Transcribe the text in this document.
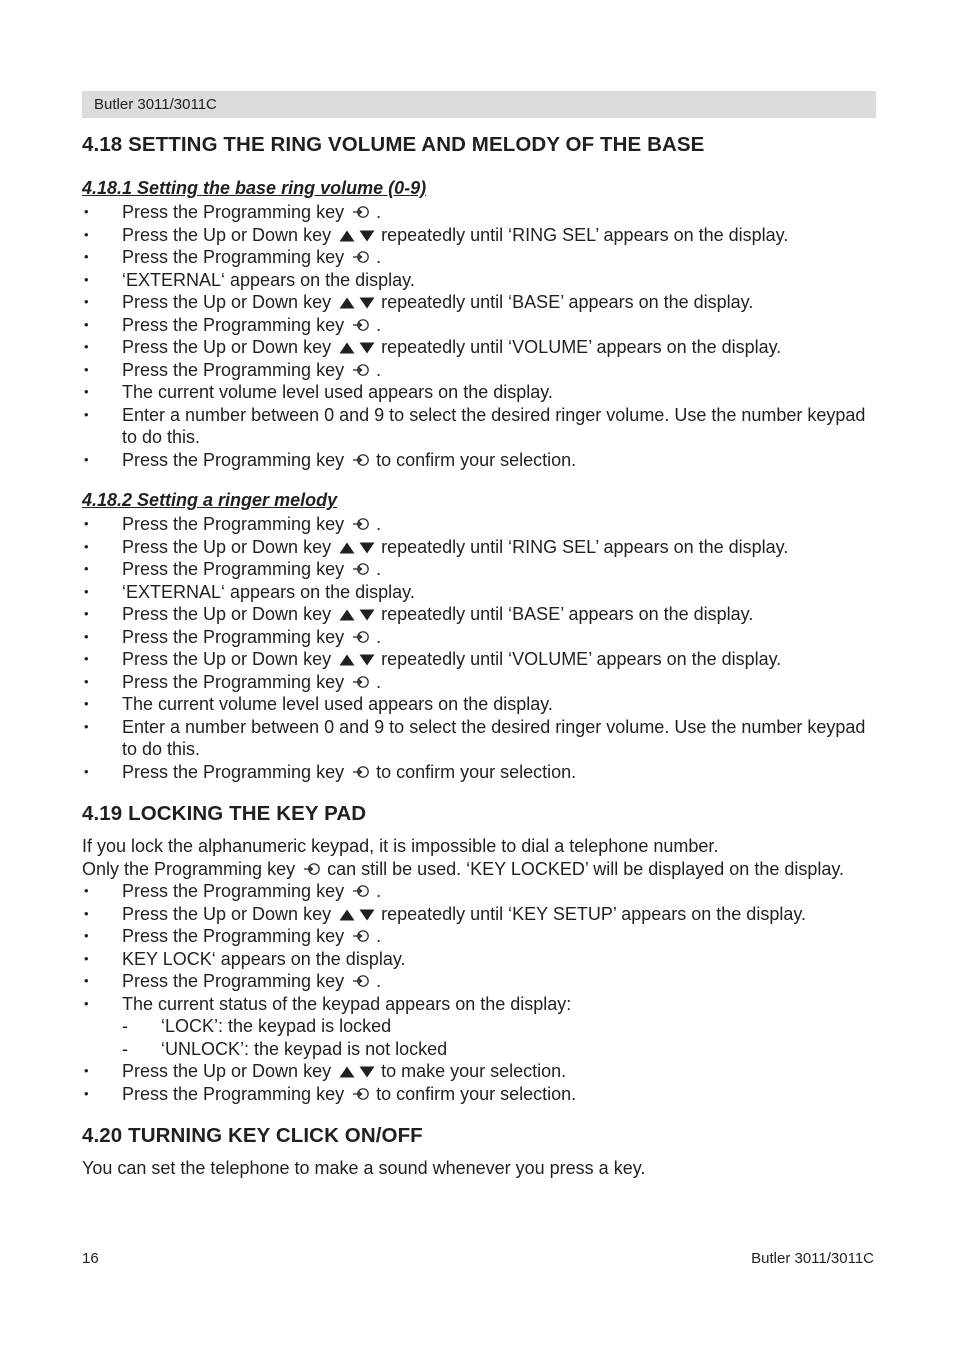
Butler 3011/3011C
4.18 SETTING THE RING VOLUME AND MELODY OF THE BASE
4.18.1 Setting the base ring volume (0-9)
• Press the Programming key .
• Press the Up or Down key	repeatedly until ‘RING SEL’ appears on the display.
• Press the Programming key .
• ‘EXTERNAL‘ appears on the display.
• Press the Up or Down key	repeatedly until ‘BASE’ appears on the display.
• Press the Programming key .
• Press the Up or Down key	repeatedly until ‘VOLUME’ appears on the display.
• Press the Programming key .
• The current volume level used appears on the display.
• Enter a number between 0 and 9 to select the desired ringer volume. Use the number keypad to do this.
• Press the Programming key to confirm your selection.
4.18.2 Setting a ringer melody
• Press the Programming key .
• Press the Up or Down key	repeatedly until ‘RING SEL’ appears on the display.
• Press the Programming key .
• ‘EXTERNAL‘ appears on the display.
• Press the Up or Down key	repeatedly until ‘BASE’ appears on the display.
• Press the Programming key .
• Press the Up or Down key	repeatedly until ‘VOLUME’ appears on the display.
• Press the Programming key .
• The current volume level used appears on the display.
• Enter a number between 0 and 9 to select the desired ringer volume. Use the number keypad to do this.
• Press the Programming key to confirm your selection.
4.19 LOCKING THE KEY PAD

If you lock the alphanumeric keypad, it is impossible to dial a telephone number.

Only the Programming key can still be used. ‘KEY LOCKED’ will be displayed on the display.

• Press the Programming key .
• Press the Up or Down key	repeatedly until ‘KEY SETUP’ appears on the display.
• Press the Programming key .
• KEY LOCK‘ appears on the display.
• Press the Programming key .
• The current status of the keypad appears on the display:
- ‘LOCK’: the keypad is locked
- ‘UNLOCK’: the keypad is not locked
• Press the Up or Down key	to make your selection.
• Press the Programming key to confirm your selection.
4.20 TURNING KEY CLICK ON/OFF

You can set the telephone to make a sound whenever you press a key.

16	Butler 3011/3011C
